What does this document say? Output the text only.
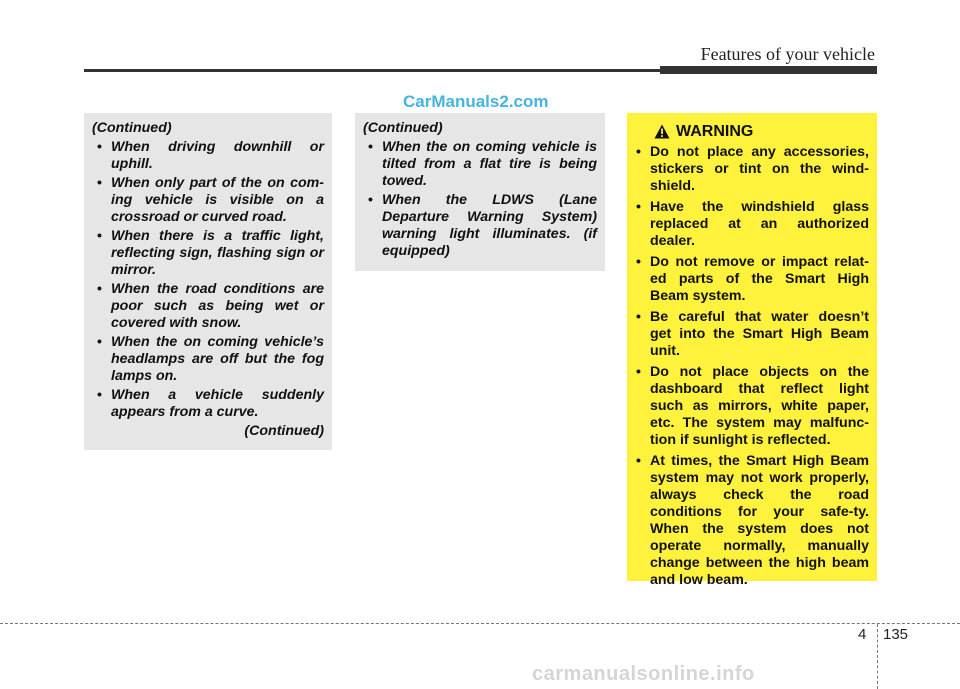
Features of your vehicle
CarManuals2.com

(Continued)

• When driving downhill or uphill.
• When only part of the on com-ing vehicle is visible on a crossroad or curved road.
• When there is a traffic light, reflecting sign, flashing sign or mirror.
• When the road conditions are poor such as being wet or covered with snow.
• When the on coming vehicle’s headlamps are off but the fog lamps on.
• When a vehicle suddenly appears from a curve.

(Continued)

(Continued)

• When the on coming vehicle is tilted from a flat tire is being towed.
• When the LDWS (Lane Departure Warning System) warning light illuminates. (if equipped)
WARNING
• Do not place any accessories, stickers or tint on the wind-shield.
• Have the windshield glass replaced at an authorized dealer.
• Do not remove or impact relat-ed parts of the Smart High Beam system.
• Be careful that water doesn’t get into the Smart High Beam unit.
• Do not place objects on the dashboard that reflect light such as mirrors, white paper, etc. The system may malfunc-tion if sunlight is reflected.
• At times, the Smart High Beam system may not work properly, always check the road conditions for your safe-ty. When the system does not operate normally, manually change between the high beam and low beam.
4 135
carmanualsonline.info
